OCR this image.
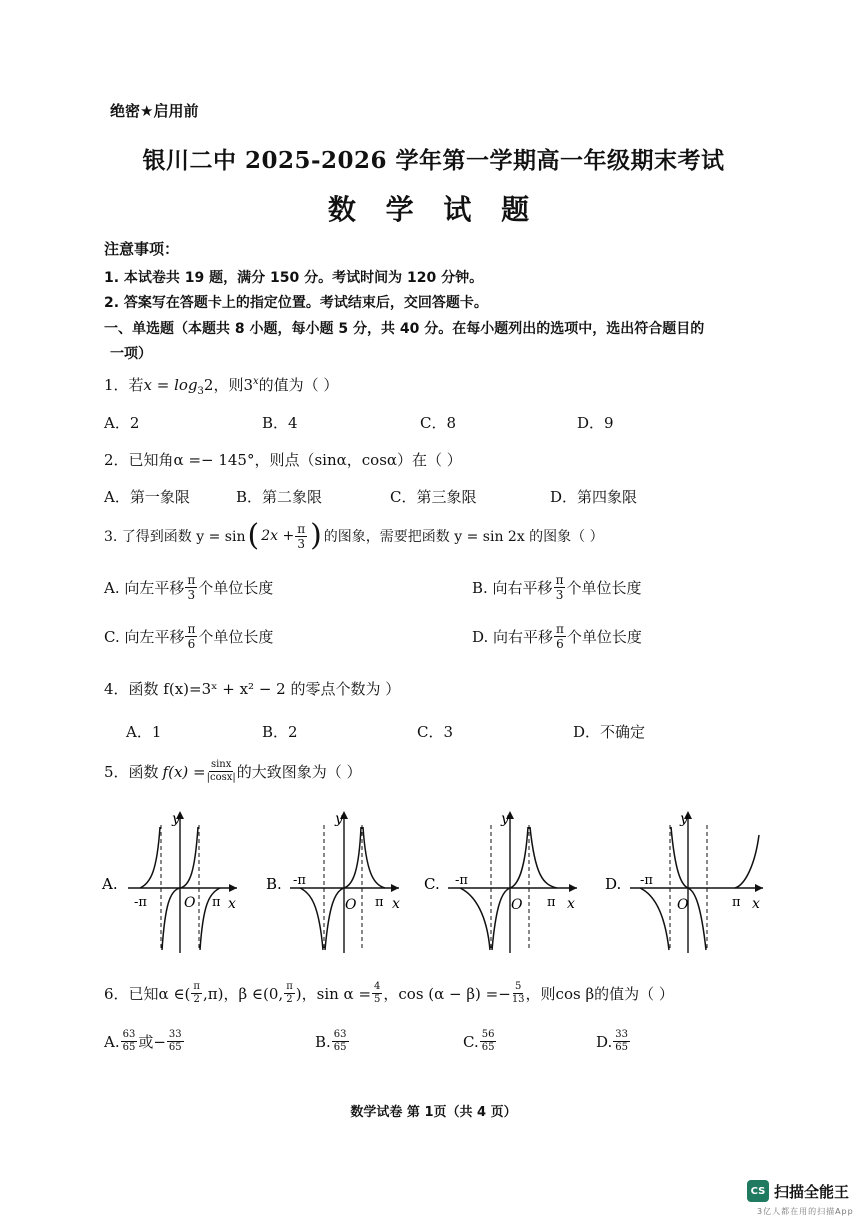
绝密★启用前
银川二中 2025-2026 学年第一学期高一年级期末考试
数 学 试 题
注意事项：
1. 本试卷共 19 题，满分 150 分。考试时间为 120 分钟。
2. 答案写在答题卡上的指定位置。考试结束后，交回答题卡。
一、单选题（本题共 8 小题，每小题 5 分，共 40 分。在每小题列出的选项中，选出符合题目的
一项）
1．若$x = \log_32$，则3$^x$的值为（ ）
A．2	B．4	C．8	D．9
2．已知角α =− 145°，则点（sinα，cosα）在（ ）
A．第一象限	B．第二象限	C．第三象限	D．第四象限
3. 了得到函数 y = sin ( $2x + \frac{\pi}{3}$ ) 的图象，需要把函数 y = sin 2x 的图象（ ）
A. 向左平移 $\frac{\pi}{3}$ 个单位长度	B. 向右平移 $\frac{\pi}{3}$ 个单位长度
C. 向左平移 $\frac{\pi}{6}$ 个单位长度	D. 向右平移 $\frac{\pi}{6}$ 个单位长度
4．函数 f(x)=3ˣ + x² − 2 的零点个数为 ）
A．1	B．2	C．3	D．不确定
5．函数 $f(x) = \frac{\sin x}{|\cos x|}$ 的大致图象为（ ）
A.
y
x
-π	π
O
B.
y
x
-π
π
O
C.
y
x
-π
π
O
D.
y
x
-π
π
O
6．已知α ∈ ( $\frac{\pi}{2} ,\pi$) ，β ∈ (0, $\frac{\pi}{2}$ ) ，$\sin \alpha = \frac{4}{5}$ ，$\cos (\alpha - \beta) =- \frac{5}{13}$ ，则cos β的值为（ ）
A. $\frac{63}{65}$ 或− $\frac{33}{65}$	B. $\frac{63}{65}$	C. $\frac{56}{65}$	D. $\frac{33}{65}$
数学试卷 第 1页（共 4 页）
CS 扫描全能王
3亿人都在用的扫描App
